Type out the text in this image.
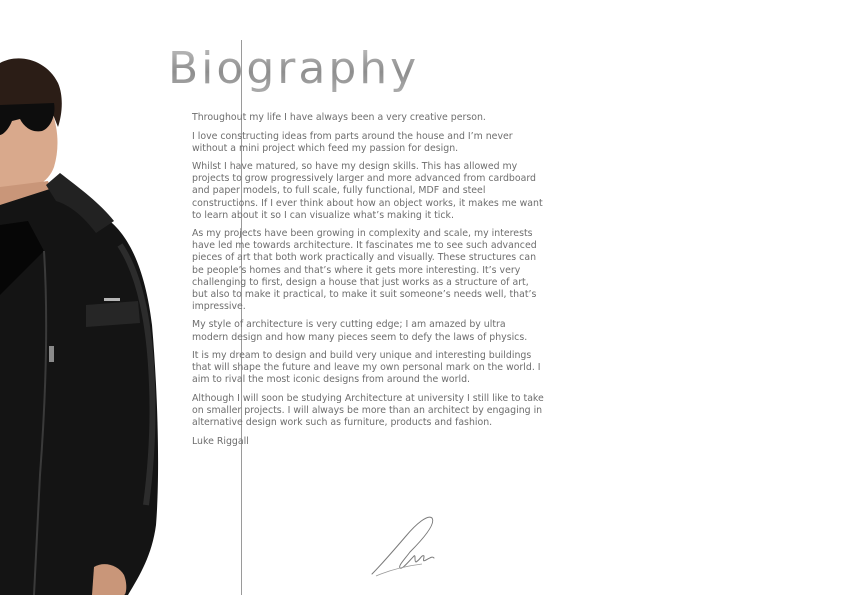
Biography

Throughout my life I have always been a very creative person.

I love constructing ideas from parts around the house and I’m never without a mini project which feed my passion for design.

Whilst I have matured, so have my design skills. This has allowed my projects to grow progressively larger and more advanced from cardboard and paper models, to full scale, fully functional, MDF and steel constructions. If I ever think about how an object works, it makes me want to learn about it so I can visualize what’s making it tick.

As my projects have been growing in complexity and scale, my interests have led me towards architecture. It fascinates me to see such advanced pieces of art that both work practically and visually. These structures can be people’s homes and that’s where it gets more interesting. It’s very challenging to first, design a house that just works as a structure of art, but also to make it practical, to make it suit someone’s needs well, that’s impressive.

My style of architecture is very cutting edge; I am amazed by ultra modern design and how many pieces seem to defy the laws of physics.

It is my dream to design and build very unique and interesting buildings that will shape the future and leave my own personal mark on the world. I aim to rival the most iconic designs from around the world.

Although I will soon be studying Architecture at university I still like to take on smaller projects. I will always be more than an architect by engaging in alternative design work such as furniture, products and fashion.

Luke Riggall
